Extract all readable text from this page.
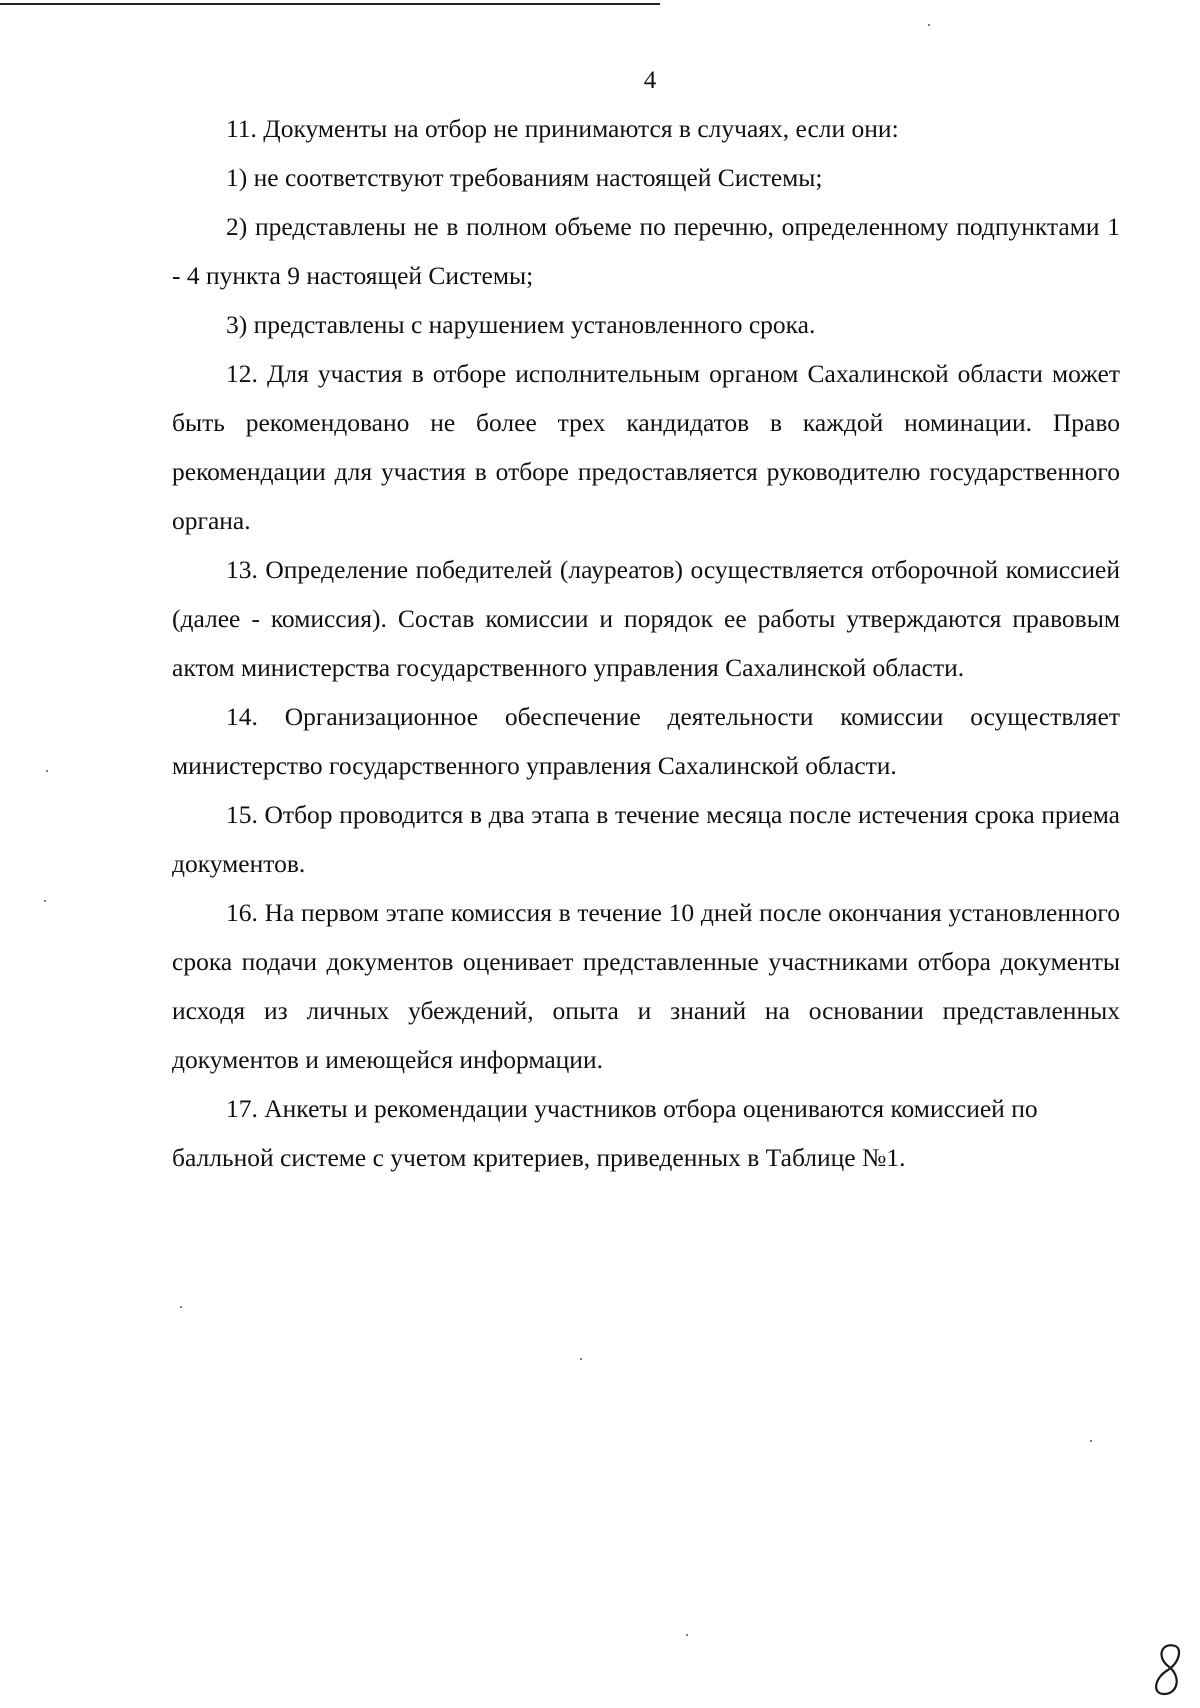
4

11. Документы на отбор не принимаются в случаях, если они:

1) не соответствуют требованиям настоящей Системы;

2) представлены не в полном объеме по перечню, определенному подпунктами 1 - 4 пункта 9 настоящей Системы;

3) представлены с нарушением установленного срока.

12. Для участия в отборе исполнительным органом Сахалинской области может быть рекомендовано не более трех кандидатов в каждой номинации. Право рекомендации для участия в отборе предоставляется руководителю государственного органа.

13. Определение победителей (лауреатов) осуществляется отборочной комиссией (далее - комиссия). Состав комиссии и порядок ее работы утверждаются правовым актом министерства государственного управления Сахалинской области.

14. Организационное обеспечение деятельности комиссии осуществляет министерство государственного управления Сахалинской области.

15. Отбор проводится в два этапа в течение месяца после истечения срока приема документов.

16. На первом этапе комиссия в течение 10 дней после окончания установленного срока подачи документов оценивает представленные участниками отбора документы исходя из личных убеждений, опыта и знаний на основании представленных документов и имеющейся информации.

17. Анкеты и рекомендации участников отбора оцениваются комиссией по балльной системе с учетом критериев, приведенных в Таблице №1.
